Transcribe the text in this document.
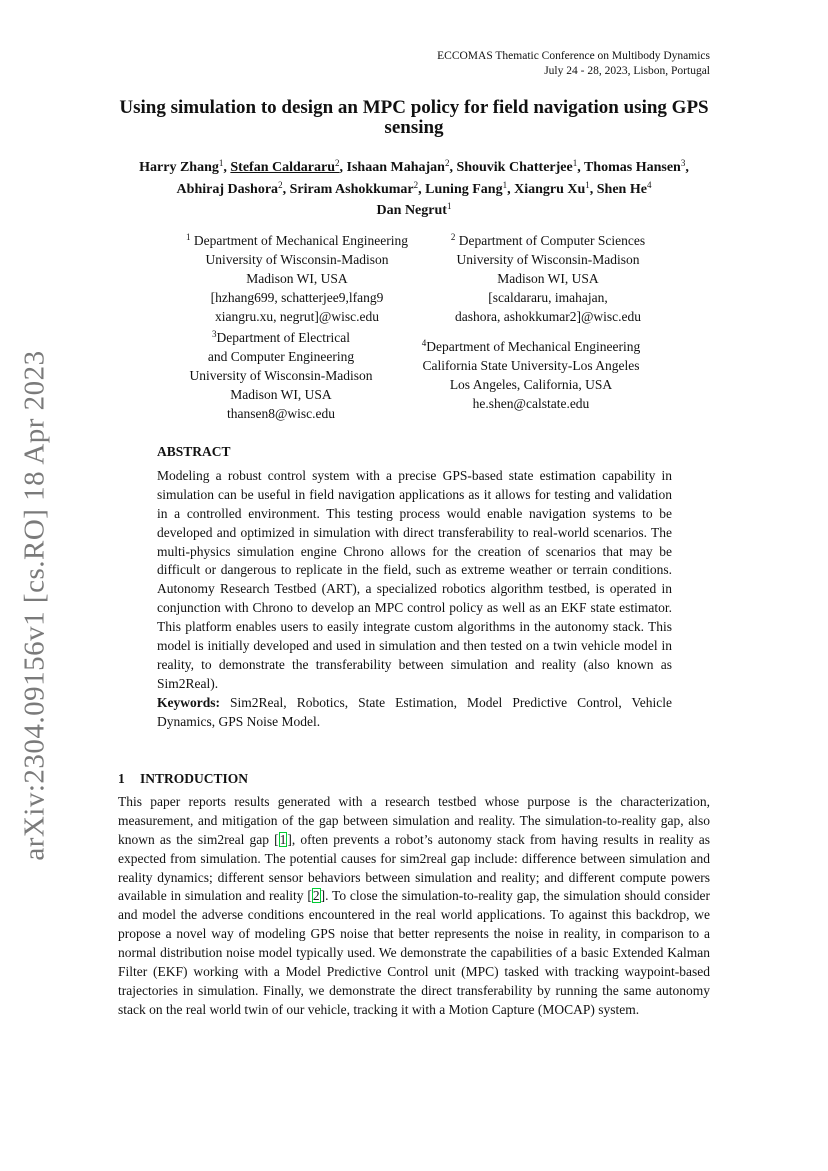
arXiv:2304.09156v1 [cs.RO] 18 Apr 2023
ECCOMAS Thematic Conference on Multibody Dynamics
July 24 - 28, 2023, Lisbon, Portugal
Using simulation to design an MPC policy for field navigation using GPS sensing
Harry Zhang$^1$, Stefan Caldararu$^2$, Ishaan Mahajan$^2$, Shouvik Chatterjee$^1$, Thomas Hansen$^3$, Abhiraj Dashora$^2$, Sriram Ashokkumar$^2$, Luning Fang$^1$, Xiangru Xu$^1$, Shen He$^4$
Dan Negrut$^1$
$^1$ Department of Mechanical Engineering
University of Wisconsin-Madison
Madison WI, USA
[hzhang699, schatterjee9,lfang9
xiangru.xu, negrut]@wisc.edu
$^2$ Department of Computer Sciences
University of Wisconsin-Madison
Madison WI, USA
[scaldararu, imahajan,
dashora, ashokkumar2]@wisc.edu
$^3$Department of Electrical
and Computer Engineering
University of Wisconsin-Madison
Madison WI, USA
thansen8@wisc.edu
$^4$Department of Mechanical Engineering
California State University-Los Angeles
Los Angeles, California, USA
he.shen@calstate.edu
ABSTRACT

Modeling a robust control system with a precise GPS-based state estimation capability in simulation can be useful in field navigation applications as it allows for testing and validation in a controlled environment. This testing process would enable navigation systems to be developed and optimized in simulation with direct transferability to real-world scenarios. The multi-physics simulation engine Chrono allows for the creation of scenarios that may be difficult or dangerous to replicate in the field, such as extreme weather or terrain conditions. Autonomy Research Testbed (ART), a specialized robotics algorithm testbed, is operated in conjunction with Chrono to develop an MPC control policy as well as an EKF state estimator. This platform enables users to easily integrate custom algorithms in the autonomy stack. This model is initially developed and used in simulation and then tested on a twin vehicle model in reality, to demonstrate the transferability between simulation and reality (also known as Sim2Real).

Keywords: Sim2Real, Robotics, State Estimation, Model Predictive Control, Vehicle Dynamics, GPS Noise Model.

1 INTRODUCTION

This paper reports results generated with a research testbed whose purpose is the characterization, measurement, and mitigation of the gap between simulation and reality. The simulation-to-reality gap, also known as the sim2real gap [1], often prevents a robot’s autonomy stack from having results in reality as expected from simulation. The potential causes for sim2real gap include: difference between simulation and reality dynamics; different sensor behaviors between simulation and reality; and different compute powers available in simulation and reality [2]. To close the simulation-to-reality gap, the simulation should consider and model the adverse conditions encountered in the real world applications. To against this backdrop, we propose a novel way of modeling GPS noise that better represents the noise in reality, in comparison to a normal distribution noise model typically used. We demonstrate the capabilities of a basic Extended Kalman Filter (EKF) working with a Model Predictive Control unit (MPC) tasked with tracking waypoint-based trajectories in simulation. Finally, we demonstrate the direct transferability by running the same autonomy stack on the real world twin of our vehicle, tracking it with a Motion Capture (MOCAP) system.
